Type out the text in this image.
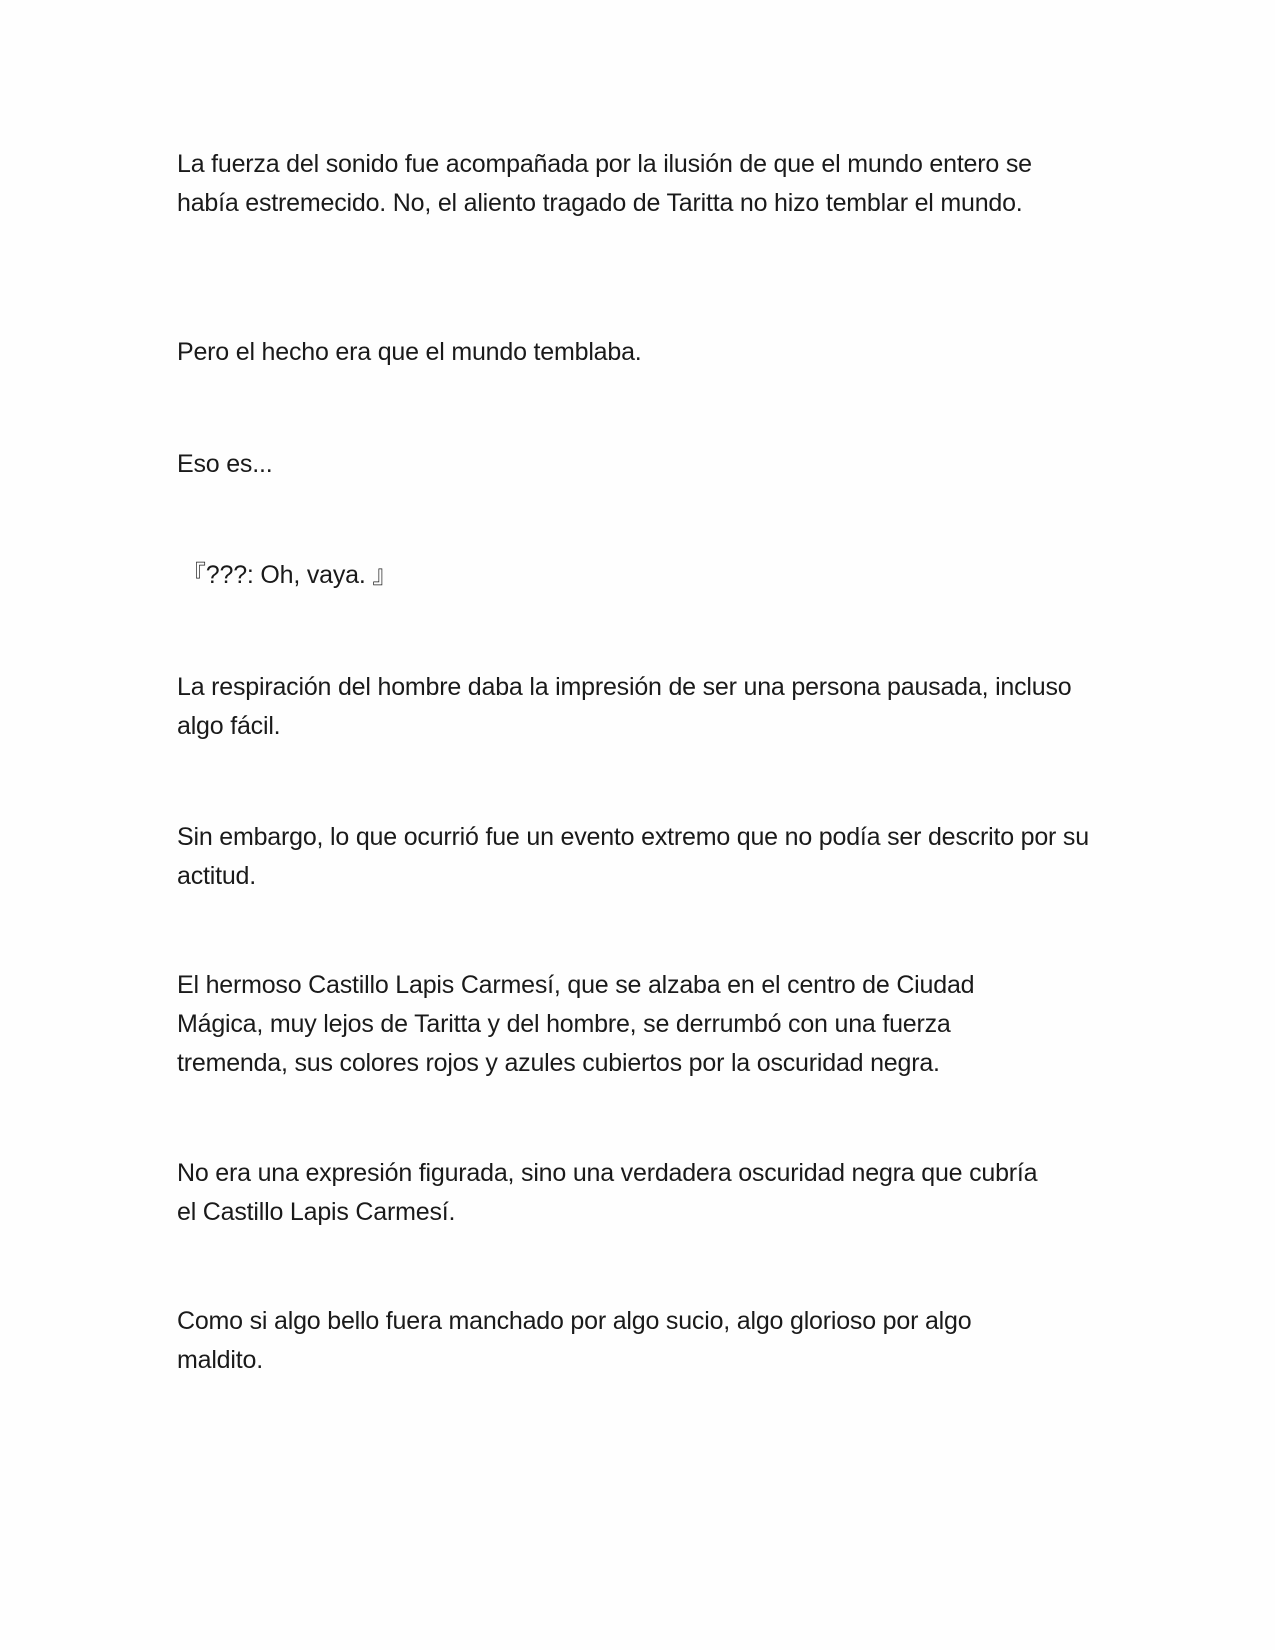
La fuerza del sonido fue acompañada por la ilusión de que el mundo entero se había estremecido. No, el aliento tragado de Taritta no hizo temblar el mundo.

Pero el hecho era que el mundo temblaba.

Eso es...

『???: Oh, vaya. 』

La respiración del hombre daba la impresión de ser una persona pausada, incluso algo fácil.

Sin embargo, lo que ocurrió fue un evento extremo que no podía ser descrito por su actitud.

El hermoso Castillo Lapis Carmesí, que se alzaba en el centro de Ciudad Mágica, muy lejos de Taritta y del hombre, se derrumbó con una fuerza tremenda, sus colores rojos y azules cubiertos por la oscuridad negra.

No era una expresión figurada, sino una verdadera oscuridad negra que cubría el Castillo Lapis Carmesí.

Como si algo bello fuera manchado por algo sucio, algo glorioso por algo maldito.
